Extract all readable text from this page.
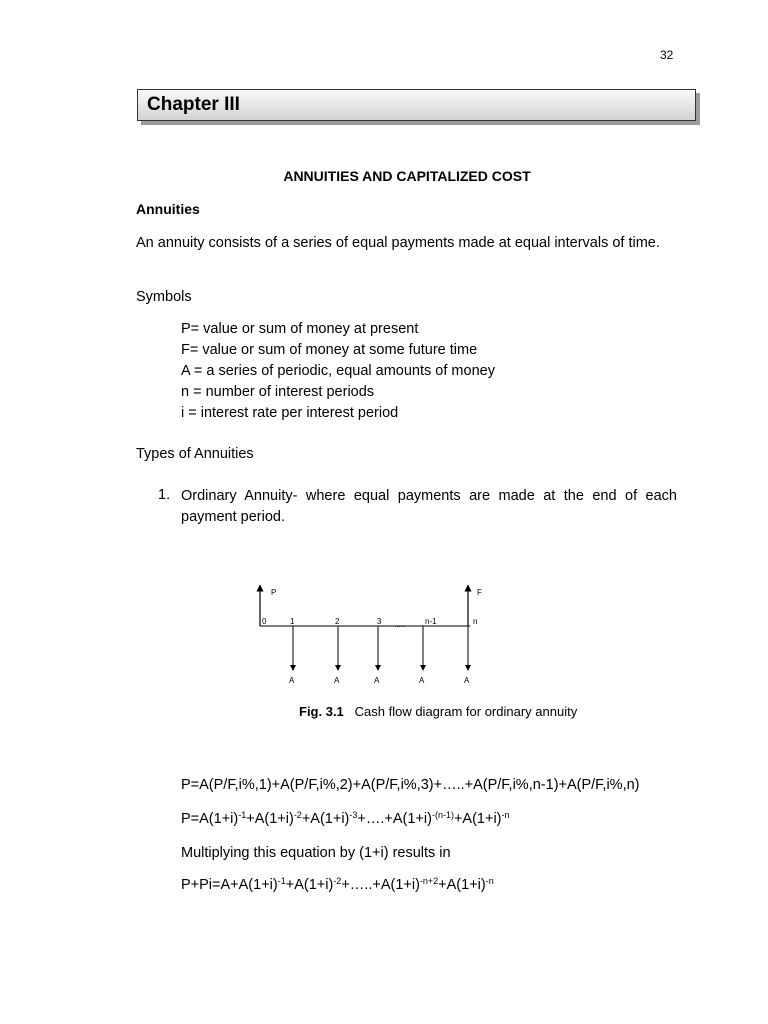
32
Chapter III
ANNUITIES AND CAPITALIZED COST
Annuities
An annuity consists of a series of equal payments made at equal intervals of time.
Symbols
P= value or sum of money at present
F= value or sum of money at some future time
A = a series of periodic, equal amounts of money
n = number of interest periods
i = interest rate per interest period
Types of Annuities
1. Ordinary Annuity- where equal payments are made at the end of each payment period.
P	F
0	1	2	3 ..... n-1	n
A	A	A	A	A
Fig. 3.1 Cash flow diagram for ordinary annuity
P=A(P/F,i%,1)+A(P/F,i%,2)+A(P/F,i%,3)+…..+A(P/F,i%,n-1)+A(P/F,i%,n)
$P=A(1+i)^{-1}+A(1+i)^{-2}+A(1+i)^{-3}+\dots.+A(1+i)^{-(n-1)}+A(1+i)^{-n}$
Multiplying this equation by (1+i) results in
$P+Pi=A+A(1+i)^{-1}+A(1+i)^{-2}+\dots..+A(1+i)^{-n+2}+A(1+i)^{-n}$
